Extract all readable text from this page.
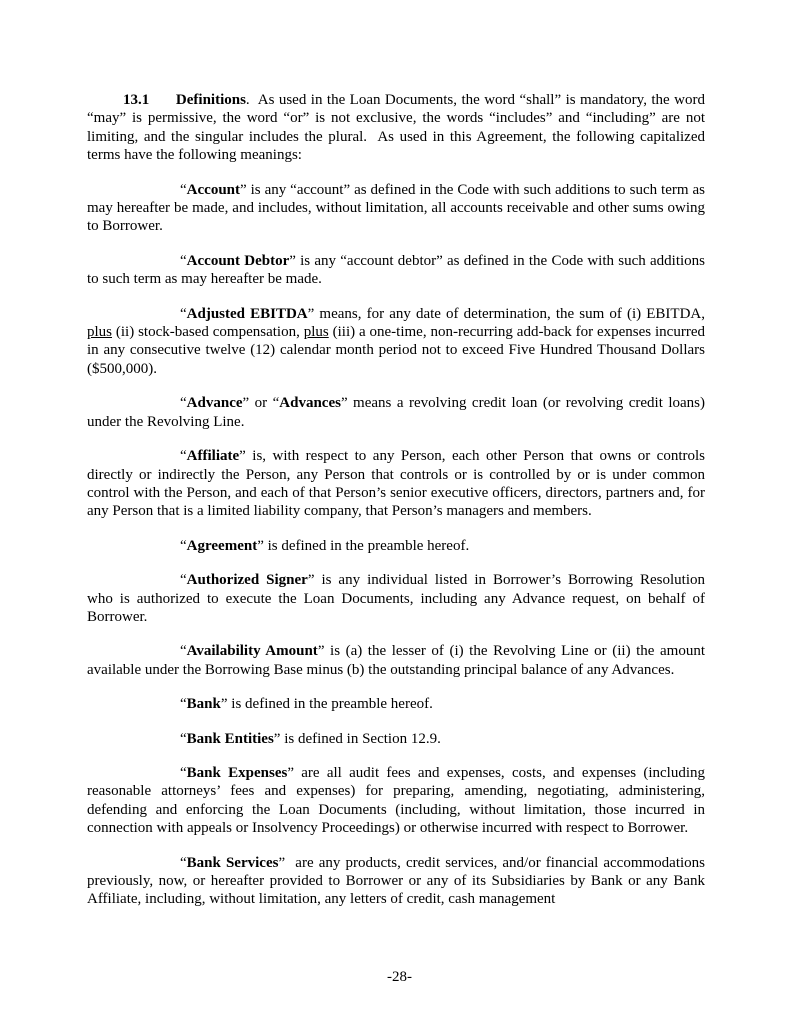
13.1      Definitions.  As used in the Loan Documents, the word “shall” is mandatory, the word “may” is permissive, the word “or” is not exclusive, the words “includes” and “including” are not limiting, and the singular includes the plural.  As used in this Agreement, the following capitalized terms have the following meanings:

“Account” is any “account” as defined in the Code with such additions to such term as may hereafter be made, and includes, without limitation, all accounts receivable and other sums owing to Borrower.

“Account Debtor” is any “account debtor” as defined in the Code with such additions to such term as may hereafter be made.

“Adjusted EBITDA” means, for any date of determination, the sum of (i) EBITDA, plus (ii) stock-based compensation, plus (iii) a one-time, non-recurring add-back for expenses incurred in any consecutive twelve (12) calendar month period not to exceed Five Hundred Thousand Dollars ($500,000).

“Advance” or “Advances” means a revolving credit loan (or revolving credit loans) under the Revolving Line.

“Affiliate” is, with respect to any Person, each other Person that owns or controls directly or indirectly the Person, any Person that controls or is controlled by or is under common control with the Person, and each of that Person’s senior executive officers, directors, partners and, for any Person that is a limited liability company, that Person’s managers and members.

“Agreement” is defined in the preamble hereof.

“Authorized Signer” is any individual listed in Borrower’s Borrowing Resolution who is authorized to execute the Loan Documents, including any Advance request, on behalf of Borrower.

“Availability Amount” is (a) the lesser of (i) the Revolving Line or (ii) the amount available under the Borrowing Base minus (b) the outstanding principal balance of any Advances.

“Bank” is defined in the preamble hereof.

“Bank Entities” is defined in Section 12.9.

“Bank Expenses” are all audit fees and expenses, costs, and expenses (including reasonable attorneys’ fees and expenses) for preparing, amending, negotiating, administering, defending and enforcing the Loan Documents (including, without limitation, those incurred in connection with appeals or Insolvency Proceedings) or otherwise incurred with respect to Borrower.

“Bank Services”  are any products, credit services, and/or financial accommodations previously, now, or hereafter provided to Borrower or any of its Subsidiaries by Bank or any Bank Affiliate, including, without limitation, any letters of credit, cash management

-28-
